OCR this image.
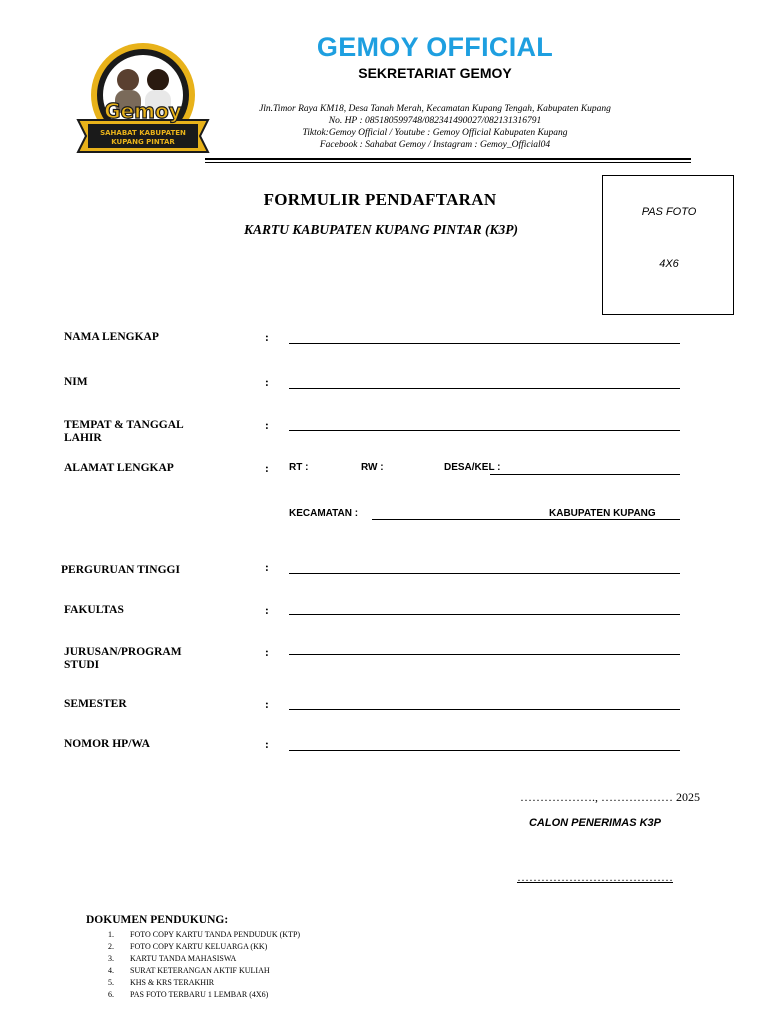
Gemoy
SAHABAT KABUPATEN
KUPANG PINTAR
GEMOY OFFICIAL
SEKRETARIAT GEMOY
Jln.Timor Raya KM18, Desa Tanah Merah, Kecamatan Kupang Tengah, Kabupaten Kupang
No. HP : 085180599748/082341490027/082131316791
Tiktok:Gemoy Official / Youtube : Gemoy Official Kabupaten Kupang
Facebook : Sahabat Gemoy / Instagram : Gemoy_Official04
FORMULIR PENDAFTARAN
KARTU KABUPATEN KUPANG PINTAR (K3P)
PAS FOTO
4X6
NAMA LENGKAP	:
NIM	:
TEMPAT & TANGGAL LAHIR
:
ALAMAT LENGKAP	: RT :	RW :	DESA/KEL :
KECAMATAN :	KABUPATEN KUPANG
PERGURUAN TINGGI	:
FAKULTAS	:
JURUSAN/PROGRAM STUDI
:
SEMESTER	:
NOMOR HP/WA	:
………………., ……………… 2025
CALON PENERIMAS K3P
…………………………………
DOKUMEN PENDUKUNG:
1.	FOTO COPY KARTU TANDA PENDUDUK (KTP)
2.	FOTO COPY KARTU KELUARGA (KK)
3.	KARTU TANDA MAHASISWA
4.	SURAT KETERANGAN AKTIF KULIAH
5.	KHS & KRS TERAKHIR
6.	PAS FOTO TERBARU 1 LEMBAR (4X6)
